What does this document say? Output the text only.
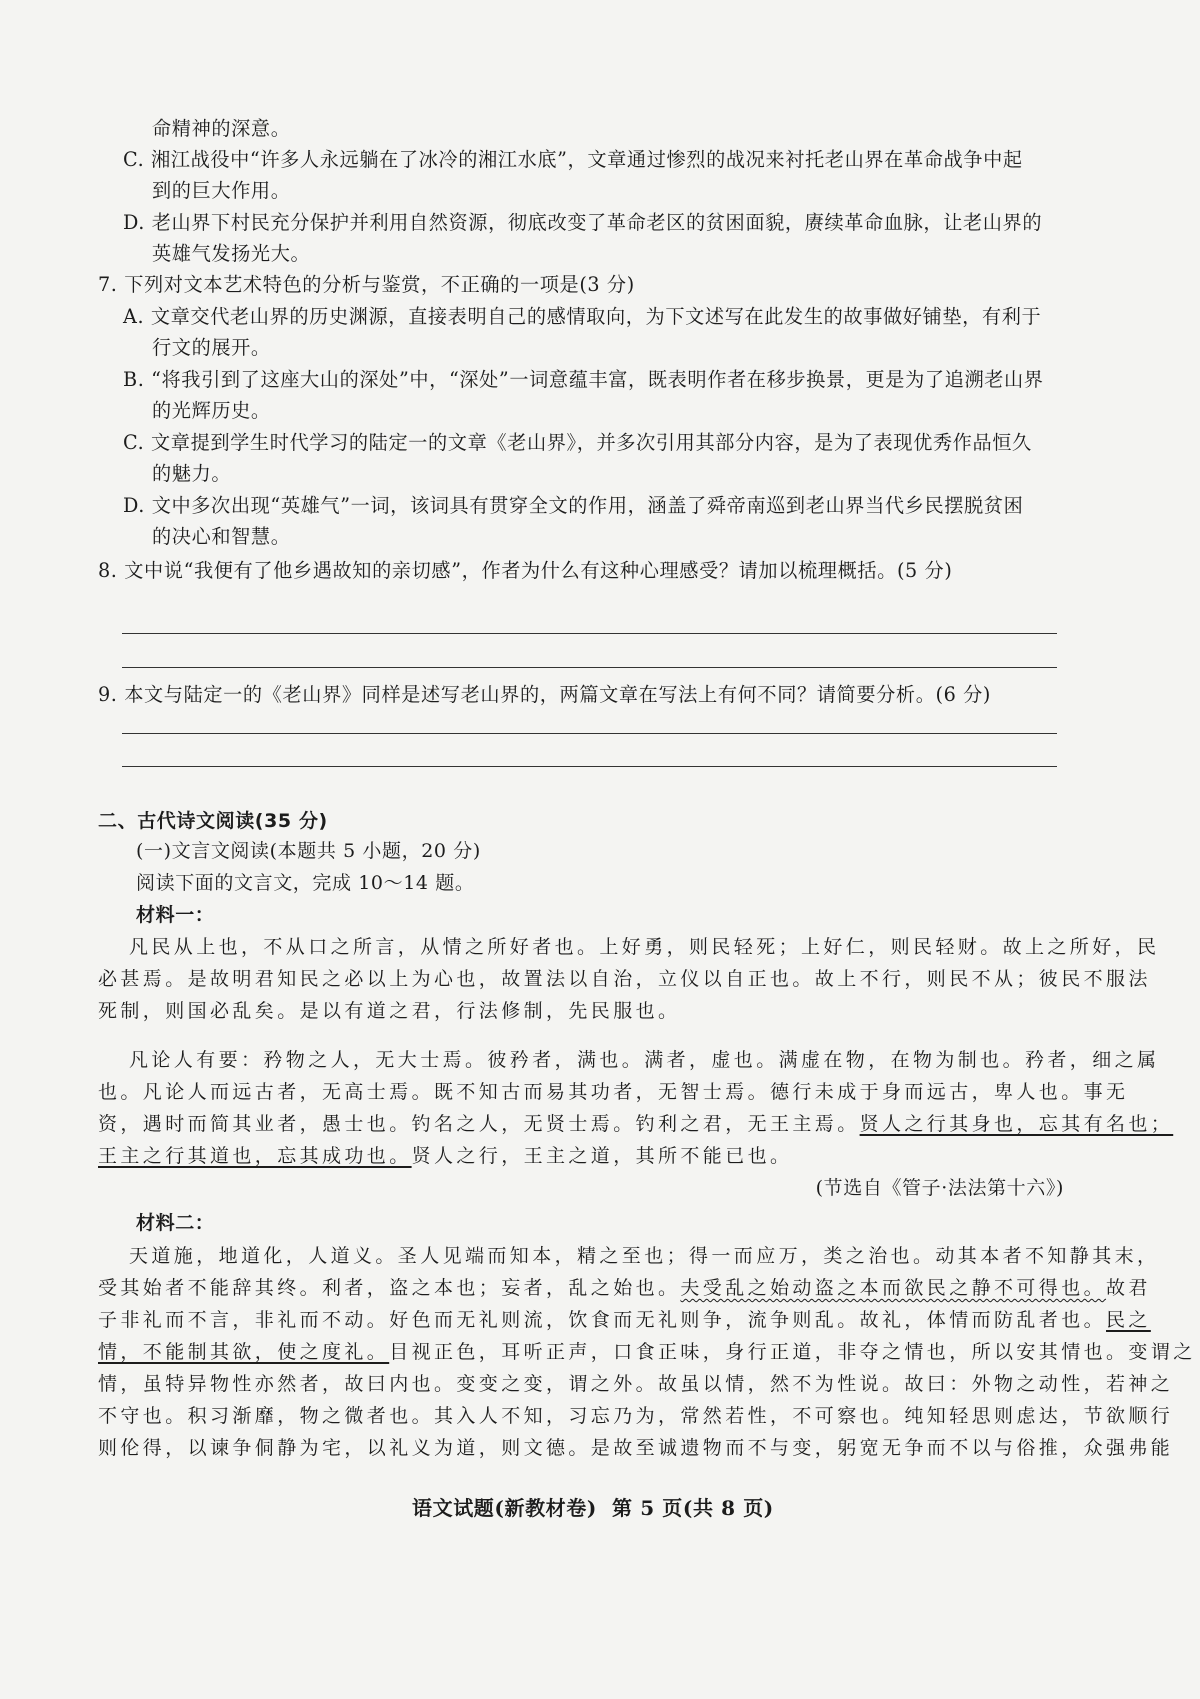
命精神的深意。
C. 湘江战役中“许多人永远躺在了冰冷的湘江水底”，文章通过惨烈的战况来衬托老山界在革命战争中起
到的巨大作用。
D. 老山界下村民充分保护并利用自然资源，彻底改变了革命老区的贫困面貌，赓续革命血脉，让老山界的
英雄气发扬光大。
7. 下列对文本艺术特色的分析与鉴赏，不正确的一项是(3 分)
A. 文章交代老山界的历史渊源，直接表明自己的感情取向，为下文述写在此发生的故事做好铺垫，有利于
行文的展开。
B. “将我引到了这座大山的深处”中，“深处”一词意蕴丰富，既表明作者在移步换景，更是为了追溯老山界
的光辉历史。
C. 文章提到学生时代学习的陆定一的文章《老山界》，并多次引用其部分内容，是为了表现优秀作品恒久
的魅力。
D. 文中多次出现“英雄气”一词，该词具有贯穿全文的作用，涵盖了舜帝南巡到老山界当代乡民摆脱贫困
的决心和智慧。
8. 文中说“我便有了他乡遇故知的亲切感”，作者为什么有这种心理感受？请加以梳理概括。(5 分)
9. 本文与陆定一的《老山界》同样是述写老山界的，两篇文章在写法上有何不同？请简要分析。(6 分)
二、古代诗文阅读(35 分)
(一)文言文阅读(本题共 5 小题，20 分)
阅读下面的文言文，完成 10～14 题。
材料一：
凡民从上也，不从口之所言，从情之所好者也。上好勇，则民轻死；上好仁，则民轻财。故上之所好，民
必甚焉。是故明君知民之必以上为心也，故置法以自治，立仪以自正也。故上不行，则民不从；彼民不服法
死制，则国必乱矣。是以有道之君，行法修制，先民服也。
凡论人有要：矜物之人，无大士焉。彼矜者，满也。满者，虚也。满虚在物，在物为制也。矜者，细之属
也。凡论人而远古者，无高士焉。既不知古而易其功者，无智士焉。德行未成于身而远古，卑人也。事无
资，遇时而简其业者，愚士也。钓名之人，无贤士焉。钓利之君，无王主焉。贤人之行其身也，忘其有名也；
王主之行其道也，忘其成功也。贤人之行，王主之道，其所不能已也。
(节选自《管子·法法第十六》)
材料二：
天道施，地道化，人道义。圣人见端而知本，精之至也；得一而应万，类之治也。动其本者不知静其末，
受其始者不能辞其终。利者，盗之本也；妄者，乱之始也。夫受乱之始动盗之本而欲民之静不可得也。故君
子非礼而不言，非礼而不动。好色而无礼则流，饮食而无礼则争，流争则乱。故礼，体情而防乱者也。民之
情，不能制其欲，使之度礼。目视正色，耳听正声，口食正味，身行正道，非夺之情也，所以安其情也。变谓之
情，虽特异物性亦然者，故曰内也。变变之变，谓之外。故虽以情，然不为性说。故曰：外物之动性，若神之
不守也。积习渐靡，物之微者也。其入人不知，习忘乃为，常然若性，不可察也。纯知轻思则虑达，节欲顺行
则伦得，以谏争侗静为宅，以礼义为道，则文德。是故至诚遗物而不与变，躬宽无争而不以与俗推，众强弗能
语文试题(新教材卷)  第 5 页(共 8 页)
